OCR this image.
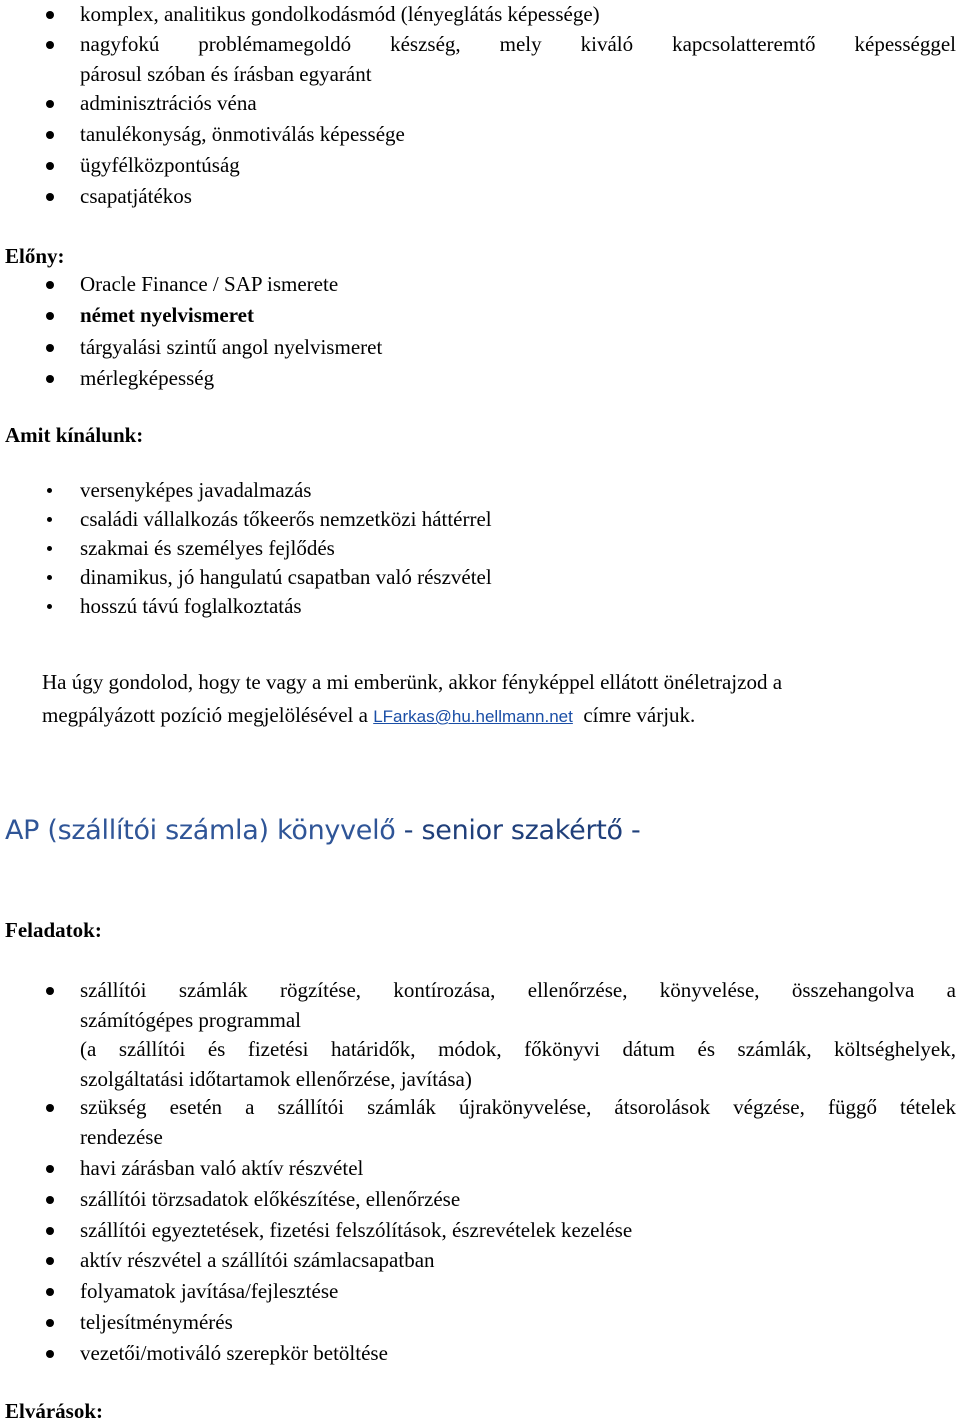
komplex, analitikus gondolkodásmód (lényeglátás képessége)

nagyfokú problémamegoldó készség, mely kiváló kapcsolatteremtő képességgel
párosul szóban és írásban egyaránt

adminisztrációs véna

tanulékonyság, önmotiválás képessége

ügyfélközpontúság

csapatjátékos

Előny:

Oracle Finance / SAP ismerete

német nyelvismeret

tárgyalási szintű angol nyelvismeret

mérlegképesség

Amit kínálunk:

versenyképes javadalmazás

családi vállalkozás tőkeerős nemzetközi háttérrel

szakmai és személyes fejlődés

dinamikus, jó hangulatú csapatban való részvétel

hosszú távú foglalkoztatás

Ha úgy gondolod, hogy te vagy a mi emberünk, akkor fényképpel ellátott önéletrajzod a
megpályázott pozíció megjelölésével a LFarkas@hu.hellmann.net  címre várjuk.

AP (szállítói számla) könyvelő - senior szakértő -

Feladatok:

szállítói számlák rögzítése, kontírozása, ellenőrzése, könyvelése, összehangolva a
számítógépes programmal
(a szállítói és fizetési határidők, módok, főkönyvi dátum és számlák, költséghelyek,
szolgáltatási időtartamok ellenőrzése, javítása)

szükség esetén a szállítói számlák újrakönyvelése, átsorolások végzése, függő tételek
rendezése

havi zárásban való aktív részvétel

szállítói törzsadatok előkészítése, ellenőrzése

szállítói egyeztetések, fizetési felszólítások, észrevételek kezelése

aktív részvétel a szállítói számlacsapatban

folyamatok javítása/fejlesztése

teljesítménymérés

vezetői/motiváló szerepkör betöltése

Elvárások:
